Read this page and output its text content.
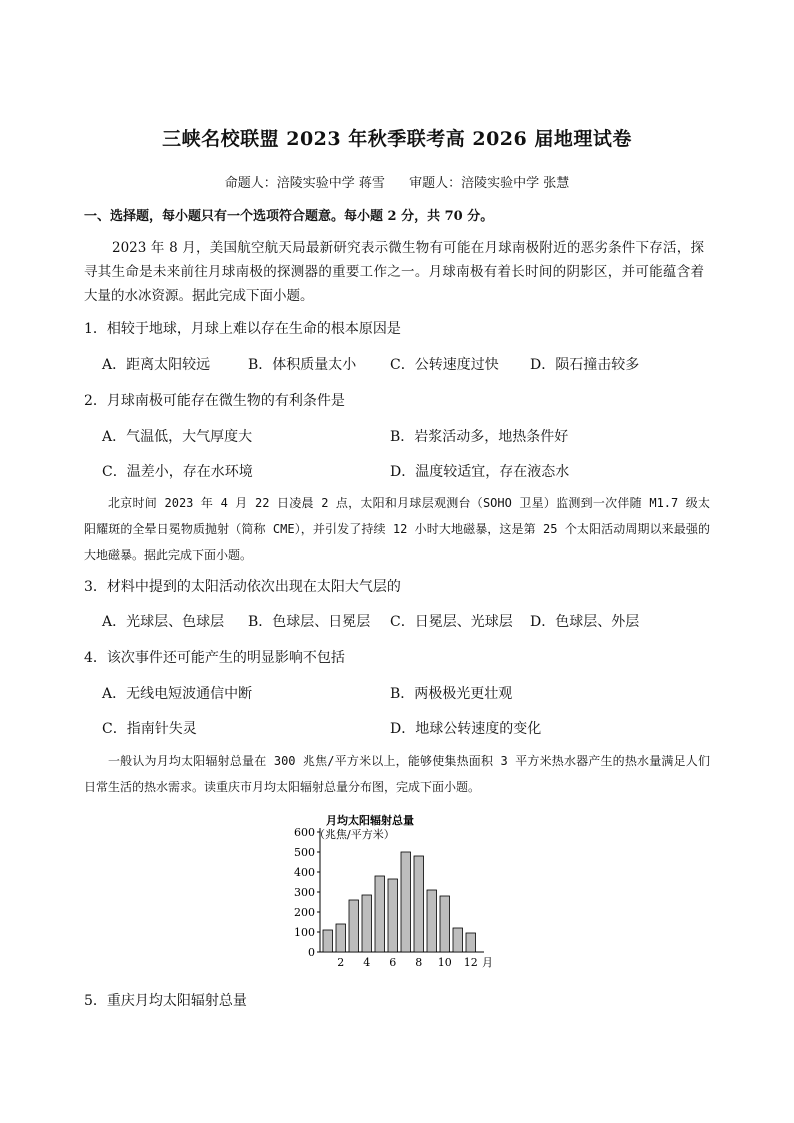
三峡名校联盟 2023 年秋季联考高 2026 届地理试卷
命题人：涪陵实验中学 蒋雪 审题人：涪陵实验中学 张慧
一、选择题，每小题只有一个选项符合题意。每小题 2 分，共 70 分。
2023 年 8 月，美国航空航天局最新研究表示微生物有可能在月球南极附近的恶劣条件下存活，探寻其生命是未来前往月球南极的探测器的重要工作之一。月球南极有着长时间的阴影区，并可能蕴含着大量的水冰资源。据此完成下面小题。
1．相较于地球，月球上难以存在生命的根本原因是
A．距离太阳较远	B．体积质量太小 C．公转速度过快 D．陨石撞击较多
2．月球南极可能存在微生物的有利条件是
A．气温低，大气厚度大	B．岩浆活动多，地热条件好
C．温差小，存在水环境	D．温度较适宜，存在液态水
北京时间 2023 年 4 月 22 日凌晨 2 点，太阳和月球层观测台（SOHO 卫星）监测到一次伴随 M1.7 级太阳耀斑的全晕日冕物质抛射（简称 CME），并引发了持续 12 小时大地磁暴，这是第 25 个太阳活动周期以来最强的大地磁暴。据此完成下面小题。
3．材料中提到的太阳活动依次出现在太阳大气层的
A．光球层、色球层 B．色球层、日冕层 C．日冕层、光球层 D．色球层、外层
4．该次事件还可能产生的明显影响不包括
A．无线电短波通信中断	B．两极极光更壮观
C．指南针失灵	D．地球公转速度的变化
一般认为月均太阳辐射总量在 300 兆焦/平方米以上，能够使集热面积 3 平方米热水器产生的热水量满足人们日常生活的热水需求。读重庆市月均太阳辐射总量分布图，完成下面小题。
0
100
200
300
400
500
600
2 4 6 8 10 12 月
月均太阳辐射总量
（兆焦/平方米）
5．重庆月均太阳辐射总量
